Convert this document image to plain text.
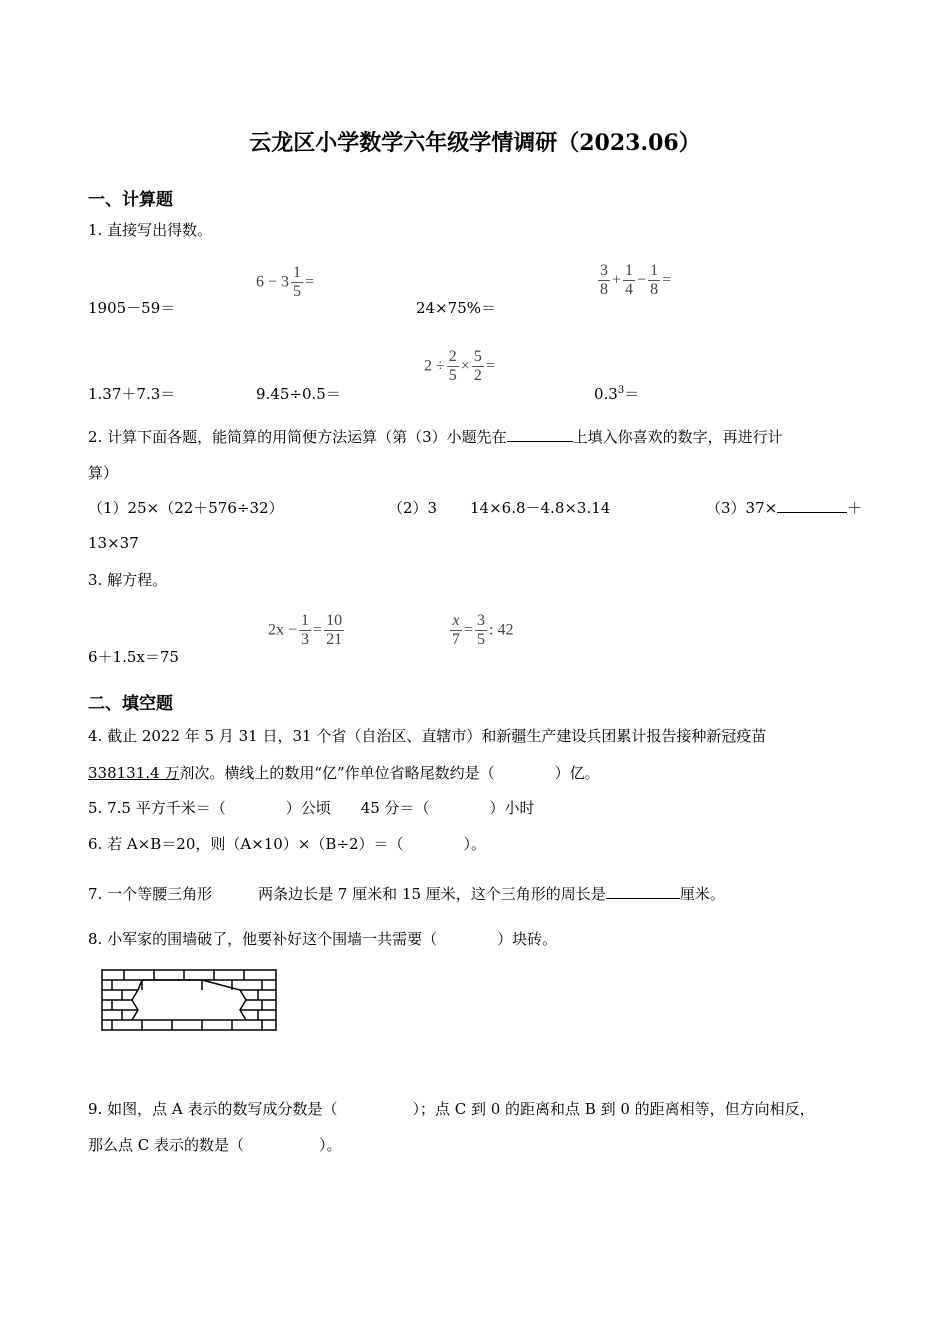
云龙区小学数学六年级学情调研（2023.06）
一、计算题
1. 直接写出得数。
1905－59＝
$6 - 3 \frac{1}{5}$ =
24×75%＝
$\frac{3}{8} + \frac{1}{4} - \frac{1}{8}$ =
1.37＋7.3＝	9.45÷0.5＝
$2 \div \frac{2}{5} \times \frac{5}{2}$ =
$0.3^3=$
2. 计算下面各题，能简算的用简便方法运算（第（3）小题先在	上填入你喜欢的数字，再进行计
算）
（1）25×（22＋576÷32）	（2）3 14×6.8－4.8×3.14	（3）37×	＋
13×37
3. 解方程。
6＋1.5x＝75
$2x - \frac{1}{3} = \frac{10}{21}$	$\frac{x}{7} = \frac{3}{5}$ : 42
二、填空题
4. 截止 2022 年 5 月 31 日，31 个省（自治区、直辖市）和新疆生产建设兵团累计报告接种新冠疫苗
338131.4 万剂次。横线上的数用“亿”作单位省略尾数约是（　　　　）亿。
5. 7.5 平方千米＝（　　　　）公顷　　45 分＝（　　　　）小时
6. 若 A×B＝20，则（A×10）×（B÷2）＝（　　　　）。
7. 一个等腰三角形	两条边长是 7 厘米和 15 厘米，这个三角形的周长是	厘米。
8. 小军家的围墙破了，他要补好这个围墙一共需要（　　　　）块砖。
9. 如图，点 A 表示的数写成分数是（　　　　　）；点 C 到 0 的距离和点 B 到 0 的距离相等，但方向相反，
那么点 C 表示的数是（　　　　　）。
